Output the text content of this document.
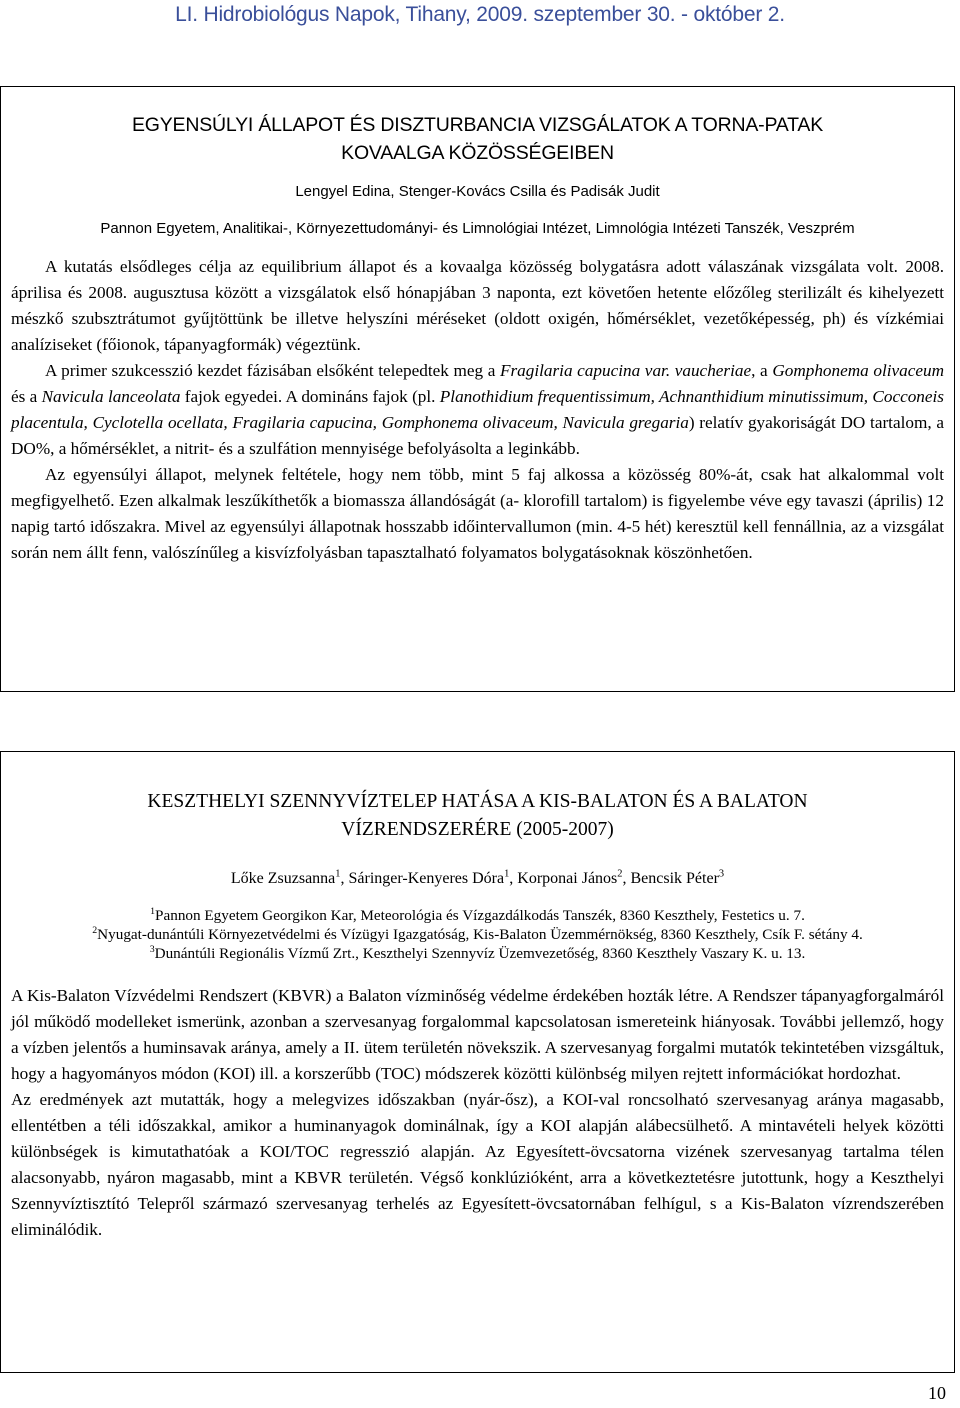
LI. Hidrobiológus Napok, Tihany, 2009. szeptember 30. - október 2.
EGYENSÚLYI ÁLLAPOT ÉS DISZTURBANCIA VIZSGÁLATOK A TORNA-PATAK
KOVAALGA KÖZÖSSÉGEIBEN
Lengyel Edina, Stenger-Kovács Csilla és Padisák Judit
Pannon Egyetem, Analitikai-, Környezettudományi- és Limnológiai Intézet, Limnológia Intézeti Tanszék, Veszprém

A kutatás elsődleges célja az equilibrium állapot és a kovaalga közösség bolygatásra adott válaszának vizsgálata volt. 2008. áprilisa és 2008. augusztusa között a vizsgálatok első hónapjában 3 naponta, ezt követően hetente előzőleg sterilizált és kihelyezett mészkő szubsztrátumot gyűjtöttünk be illetve helyszíni méréseket (oldott oxigén, hőmérséklet, vezetőképesség, ph) és vízkémiai analíziseket (főionok, tápanyagformák) végeztünk.

A primer szukcesszió kezdet fázisában elsőként telepedtek meg a Fragilaria capucina var. vaucheriae, a Gomphonema olivaceum és a Navicula lanceolata fajok egyedei. A domináns fajok (pl. Planothidium frequentissimum, Achnanthidium minutissimum, Cocconeis placentula, Cyclotella ocellata, Fragilaria capucina, Gomphonema olivaceum, Navicula gregaria) relatív gyakoriságát DO tartalom, a DO%, a hőmérséklet, a nitrit- és a szulfátion mennyisége befolyásolta a leginkább.

Az egyensúlyi állapot, melynek feltétele, hogy nem több, mint 5 faj alkossa a közösség 80%-át, csak hat alkalommal volt megfigyelhető. Ezen alkalmak leszűkíthetők a biomassza állandóságát (a- klorofill tartalom) is figyelembe véve egy tavaszi (április) 12 napig tartó időszakra. Mivel az egyensúlyi állapotnak hosszabb időintervallumon (min. 4-5 hét) keresztül kell fennállnia, az a vizsgálat során nem állt fenn, valószínűleg a kisvízfolyásban tapasztalható folyamatos bolygatásoknak köszönhetően.

KESZTHELYI SZENNYVÍZTELEP HATÁSA A KIS-BALATON ÉS A BALATON
VÍZRENDSZERÉRE (2005-2007)
Lőke Zsuzsanna$^1$, Sáringer-Kenyeres Dóra$^1$, Korponai János$^2$, Bencsik Péter$^3$
$^1$Pannon Egyetem Georgikon Kar, Meteorológia és Vízgazdálkodás Tanszék, 8360 Keszthely, Festetics u. 7.
$^2$Nyugat-dunántúli Környezetvédelmi és Vízügyi Igazgatóság, Kis-Balaton Üzemmérnökség, 8360 Keszthely, Csík F. sétány 4.
$^3$Dunántúli Regionális Vízmű Zrt., Keszthelyi Szennyvíz Üzemvezetőség, 8360 Keszthely Vaszary K. u. 13.

A Kis-Balaton Vízvédelmi Rendszert (KBVR) a Balaton vízminőség védelme érdekében hozták létre. A Rendszer tápanyagforgalmáról jól működő modelleket ismerünk, azonban a szervesanyag forgalommal kapcsolatosan ismereteink hiányosak. További jellemző, hogy a vízben jelentős a huminsavak aránya, amely a II. ütem területén növekszik. A szervesanyag forgalmi mutatók tekintetében vizsgáltuk, hogy a hagyományos módon (KOI) ill. a korszerűbb (TOC) módszerek közötti különbség milyen rejtett információkat hordozhat.

Az eredmények azt mutatták, hogy a melegvizes időszakban (nyár-ősz), a KOI-val roncsolható szervesanyag aránya magasabb, ellentétben a téli időszakkal, amikor a huminanyagok dominálnak, így a KOI alapján alábecsülhető. A mintavételi helyek közötti különbségek is kimutathatóak a KOI/TOC regresszió alapján. Az Egyesített-övcsatorna vizének szervesanyag tartalma télen alacsonyabb, nyáron magasabb, mint a KBVR területén. Végső konklúzióként, arra a következtetésre jutottunk, hogy a Keszthelyi Szennyvíztisztító Telepről származó szervesanyag terhelés az Egyesített-övcsatornában felhígul, s a Kis-Balaton vízrendszerében eliminálódik.

10
